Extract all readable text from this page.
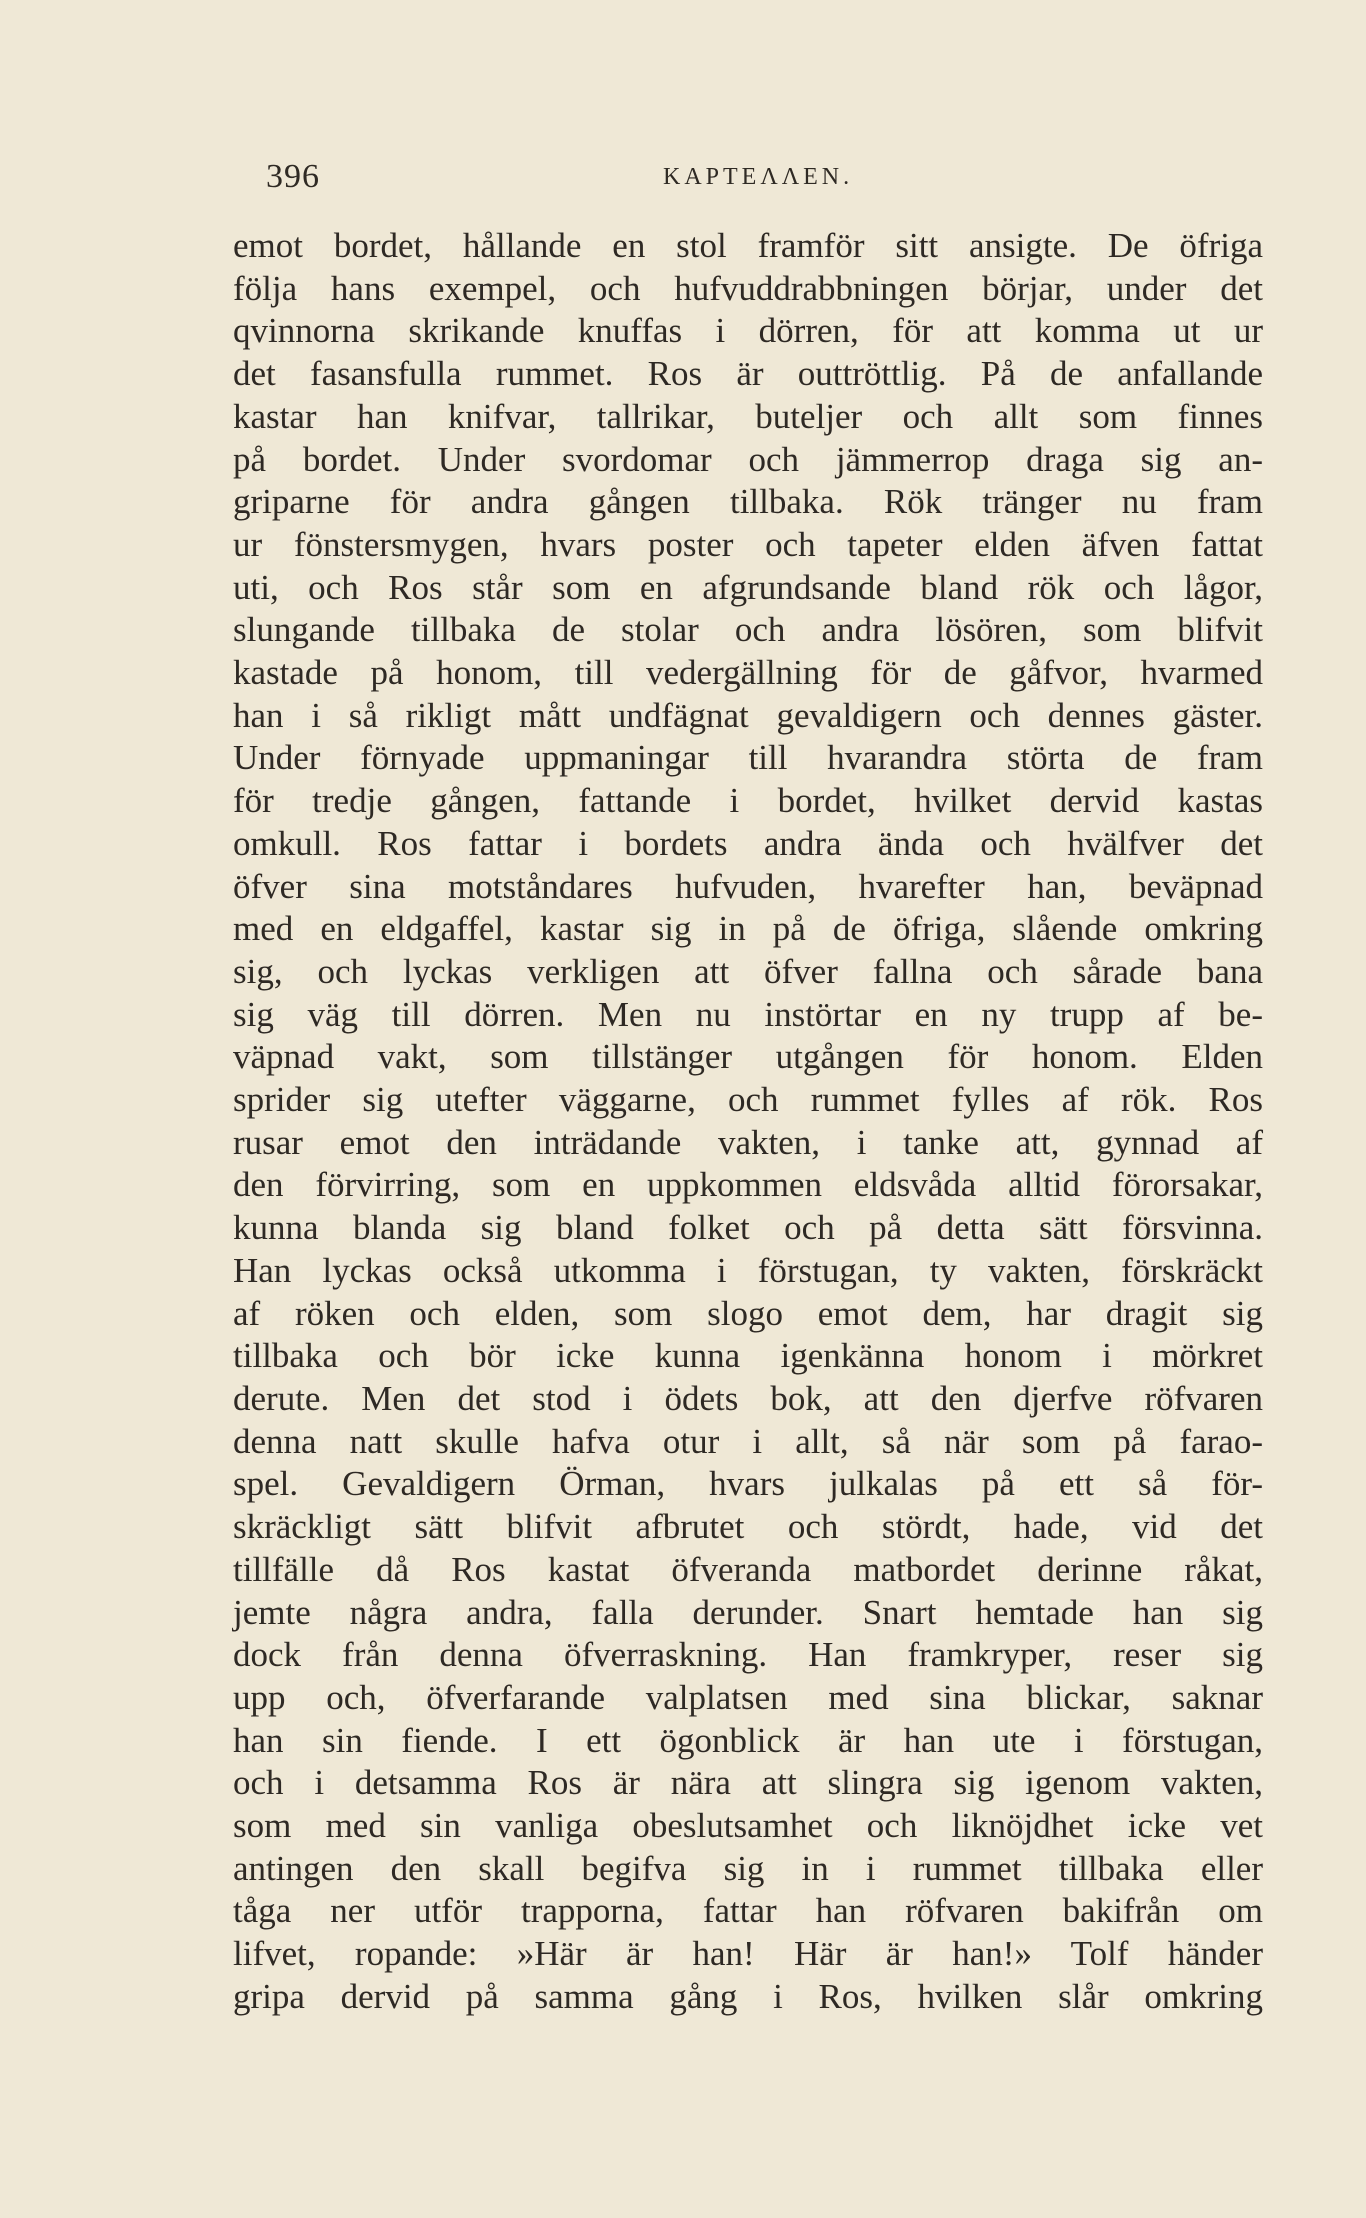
396	KAPTEɅɅEN.
emot bordet, hållande en stol framför sitt ansigte. De öfriga
följa hans exempel, och hufvuddrabbningen börjar, under det
qvinnorna skrikande knuffas i dörren, för att komma ut ur
det fasansfulla rummet. Ros är outtröttlig. På de anfallande
kastar han knifvar, tallrikar, buteljer och allt som finnes
på bordet. Under svordomar och jämmerrop draga sig an-
griparne för andra gången tillbaka. Rök tränger nu fram
ur fönstersmygen, hvars poster och tapeter elden äfven fattat
uti, och Ros står som en afgrundsande bland rök och lågor,
slungande tillbaka de stolar och andra lösören, som blifvit
kastade på honom, till vedergällning för de gåfvor, hvarmed
han i så rikligt mått undfägnat gevaldigern och dennes gäster.
Under förnyade uppmaningar till hvarandra störta de fram
för tredje gången, fattande i bordet, hvilket dervid kastas
omkull. Ros fattar i bordets andra ända och hvälfver det
öfver sina motståndares hufvuden, hvarefter han, beväpnad
med en eldgaffel, kastar sig in på de öfriga, slående omkring
sig, och lyckas verkligen att öfver fallna och sårade bana
sig väg till dörren. Men nu instörtar en ny trupp af be-
väpnad vakt, som tillstänger utgången för honom. Elden
sprider sig utefter väggarne, och rummet fylles af rök. Ros
rusar emot den inträdande vakten, i tanke att, gynnad af
den förvirring, som en uppkommen eldsvåda alltid förorsakar,
kunna blanda sig bland folket och på detta sätt försvinna.
Han lyckas också utkomma i förstugan, ty vakten, förskräckt
af röken och elden, som slogo emot dem, har dragit sig
tillbaka och bör icke kunna igenkänna honom i mörkret
derute. Men det stod i ödets bok, att den djerfve röfvaren
denna natt skulle hafva otur i allt, så när som på farao-
spel. Gevaldigern Örman, hvars julkalas på ett så för-
skräckligt sätt blifvit afbrutet och stördt, hade, vid det
tillfälle då Ros kastat öfveranda matbordet derinne råkat,
jemte några andra, falla derunder. Snart hemtade han sig
dock från denna öfverraskning. Han framkryper, reser sig
upp och, öfverfarande valplatsen med sina blickar, saknar
han sin fiende. I ett ögonblick är han ute i förstugan,
och i detsamma Ros är nära att slingra sig igenom vakten,
som med sin vanliga obeslutsamhet och liknöjdhet icke vet
antingen den skall begifva sig in i rummet tillbaka eller
tåga ner utför trapporna, fattar han röfvaren bakifrån om
lifvet, ropande: »Här är han! Här är han!» Tolf händer
gripa dervid på samma gång i Ros, hvilken slår omkring
